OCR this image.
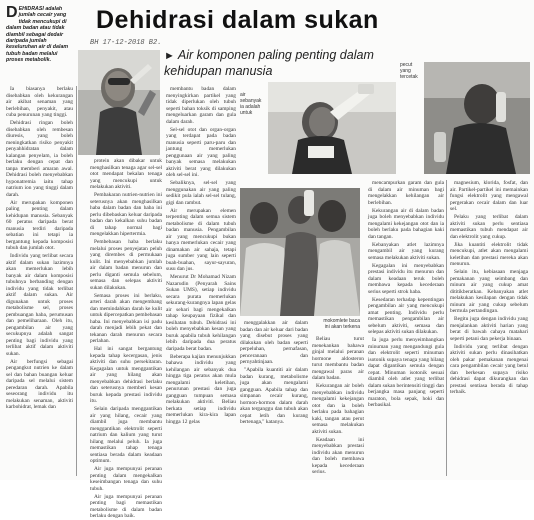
Dehidrasi dalam sukan
BH 17-12-2018 B2.
► Air komponen paling penting dalam kehidupan manusia
DEHIDRASI adalah jumlah cecair yang tidak mencukupi di dalam badan atau tidak diambil sebagai dedair daripada jumlah keseluruhan air di dalam tubuh badan melalui proses metabolik.

Ia biasanya berlaku disebabkan oleh kekurangan air akibat senaman yang berlebihan, penyakit, atau cuba penurunan yang tinggi.

Dehidrasi ringan boleh disebabkan oleh rembesan diuresis, yang boleh meningkatkan risiko penyakit penyahhidratan dalam kalangan penyelam, ia boleh berlaku dengan cepat dan tanpa memberi amaran awal. Dehidrasi boleh menyebabkan hyponatremia iaitu tahap natrium ion yang tinggi dalam darah.

Air merupakan komponen paling penting dalam kehidupan manusia. Sebanyak 60 peratus daripada berat manusia terdiri daripada sebatian ini tetapi ia bergantung kepada komposisi tubuh dan jumlah otot.

Individu yang terlibat secara aktif dalam sukan lazimnya akan memerlukan lebih banyak air dalam komposisi tubuhnya berbanding dengan individu yang tidak terlibat aktif dalam sukan. Air digunakan untuk proses metabolisme sel, proses pembuangan haba, perumusan dan pemeliharaan. Oleh itu, pengambilan air yang secukupnya adalah sangat penting bagi individu yang terlibat aktif dalam aktiviti sukan.

Air berfungsi sebagai pengangkut nutrien ke dalam sel dan bahan buangan keluar daripada sel melalui sistem peredaran darah. Apabila seseorang individu itu melakukan senaman, aktiviti karbohidrat, lemak dan

protein akan dibakar untuk menghasilkan tenaga agar sel-sel otot mendapat bekalan tenaga yang mencukupi untuk melakukan aktiviti.

Pembakaran nutrien-nutrien ini seterusnya akan menghasilkan haba dalam badan dan haba ini perlu dibebaskan keluar daripada badan dan kekalkan suhu badan di tahap normal bagi mengelakkan hipertermia.

Pembebasan haba berlaku melalui proses penyejatan peluh yang dirembes di permukaan kulit. Ini menyebabkan jumlah air dalam badan menurun dan perlu diganti semula sebelum, semasa dan selepas aktiviti sukan dilakukan.

Semasa proses ini berlaku, arteri darah akan mengembang dan memindahkan darah ke kulit untuk dipercepatkan pembebasan haba. Ini menyebabkan isi padu darah menjadi lebih pekat dan tekanan darah menurun secara perlahan.

Hal ini sangat bergantung kepada tahap kecergasan, jenis aktiviti dan suhu persekitaran. Kegagalan untuk menggantikan air yang hilang akan menyebabkan dehidrasi berlaku dan seterusnya memberi kesan buruk kepada prestasi individu itu.

Selain daripada menggantikan air yang hilang, cecair yang diambil juga membantu menggantikan elektrolit seperti natrium dan kalium yang turut hilang melalui peluh. Ia juga memastikan tahap tenaga sentiasa berada dalam keadaan optimum.

Air juga mempunyai peranan penting dalam mengekalkan keseimbangan tenaga dan suhu tubuh.

Air juga mempunyai peranan penting bagi memastikan metabolisme di dalam badan berlaku dengan baik.

membantu badan dalam menyingkirkan partikel yang tidak diperlukan oleh tubuh seperti bahan toksik di samping mengeluarkan garam dan gula dalam darah.

Sel-sel otot dan organ-organ yang terdapat pada badan manusia seperti paru-paru dan jantung memerlukan penggunaan air yang paling banyak semasa melakukan aktiviti berat yang dilakukan oleh sel-sel ini.

Sebaliknya, sel-sel yang menggunakan air yang paling sedikit pula ialah sel-sel tulang, gigi dan rambut.

Air merupakan elemen terpenting dalam semua sistem metabolisme di dalam tubuh badan manusia. Pengambilan air yang mencukupi bukan hanya memerlukan cecair yang dinamakan air sahaja, tetapi juga sumber yang lain seperti buah-buahan, sayur-sayuran, susu dan jus.

Menurut Dr Mohamad Nizam Nazarudin (Penyarah Sains Sukan UMS), setiap individu secara purata memerlukan sekurang-kurangnya lapan gelas air sehari bagi mengekalkan tahap keupayaan fizikal dan kesihatan tubuh. Dehidrasi ini boleh menyebabkan kesan yang buruk apabila tubuh kehilangan lebih daripada dua peratus daripada berat badan.

Beberapa kajian menunjukkan bahawa individu yang kehilangan air sebanyak dua hingga tiga peratus akan mula mengalami keletihan, penurunan prestasi dan juga gangguan tumpuan semasa melakukan aktiviti. Beliau berkata setiap individu memerlukan kira-kira lapan hingga 12 gelas

air sebanyak ia adalah untuk
pecut yang tercetak

menggalakkan air dalam badan dan air keluar dari badan yang disebut proses yang dilakukan oleh badan seperti perpeluhan, pernafasan, penceranaan dan pernyahtinjaan.

"Apabila kuantiti air dalam badan kurang, metabolisme juga akan mengalami gangguan. Apabila tahap dan simpanan cecair kurang, hormon-hormon dalam darah akan terganggu dan tubuh akan cepat letih dan kurang bertenaga," katanya.

mokomlete baca ini akan terkena

Beliau turut menekankan bahawa ginjal melalui peranan hormone aldosteron turut membantu badan mengawal paras air dalam badan.

Kekurangan air boleh menyebabkan individu mengalami kekejangan otot dan ia boleh berlaku pada bahagian kaki, tangan atau perut semasa melakukan aktiviti sukan.

Keadaan ini menyebabkan prestasi individu akan menurun dan boleh membawa kepada kecederaan serius.

mencampurkan garam dan gula di dalam air minuman bagi mengelakkan kehilangan air berlebihan.

Kekurangan air di dalam badan juga boleh menyebabkan individu mengalami kekejangan otot dan ia boleh berlaku pada bahagian kaki dan tangan.

Kebanyakan atlet lazimnya mengambil air yang kurang semasa melakukan aktiviti sukan.

Kegagalan ini menyebabkan prestasi individu itu menurun dan dalam keadaan teruk boleh membawa kepada kecederaan serius seperti strok haba.

Kesedaran terhadap kepentingan pengambilan air yang mencukupi amat penting. Individu perlu memastikan pengambilan air sebelum aktiviti, semasa dan selepas aktiviti sukan dilakukan.

Ia juga perlu menyeimbangkan minuman yang mengandungi gula dan elektrolit seperti minuman isotonik supaya tenaga yang hilang dapat digantikan semula dengan cepat. Minuman isotonik sesuai diambil oleh atlet yang terlibat dalam sukan berintensiti tinggi dan berjangka masa panjang seperti maraton, bola sepak, hoki dan berbasikal.

magnesium, klorida, fosfat, dan air. Partikel-partikel ini memainkan fungsi elektrolit yang mengawal pergerakan cecair dalam dan luar sel.

Pelaku yang terlibat dalam aktiviti sukan perlu sentiasa memastikan tubuh mendapat air dan elektrolit yang cukup.

Jika kuantiti elektrolit tidak mencukupi, atlet akan mengalami keletihan dan prestasi mereka akan menurun.

Selain itu, kebiasaan menjaga pemakanan yang seimbang dan minum air yang cukup amat dititikberatkan. Kebanyakan atlet melakukan kesilapan dengan tidak minum air yang cukup sebelum bermula pertandingan.

Begitu juga dengan individu yang menjalankan aktiviti harian yang berat di bawah cahaya matahari seperti petani dan pekerja binaan.

Individu yang terlibat dengan aktiviti sukan perlu dinasihatkan oleh pakar pemakanan mengenai cara pengambilan cecair yang betul dan berkesan supaya risiko dehidrasi dapat dikurangkan dan prestasi sentiasa berada di tahap terbaik.
